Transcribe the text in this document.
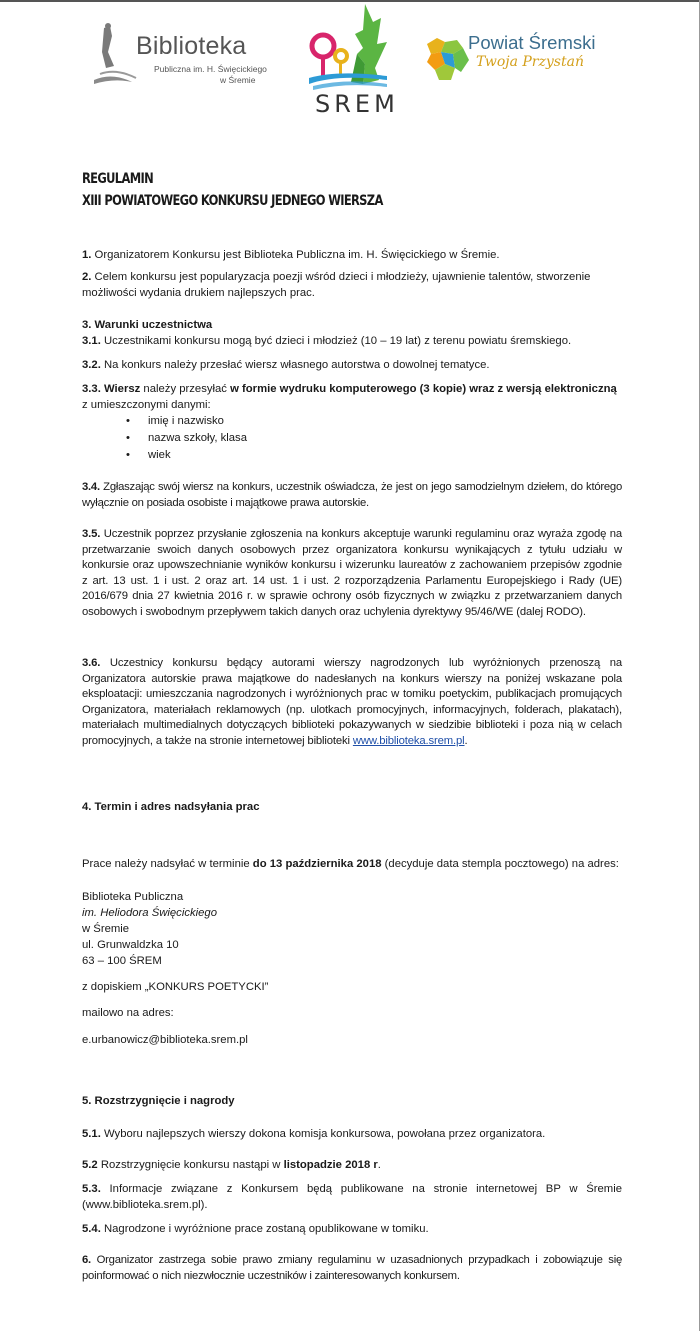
Biblioteka
Publiczna im. H. Święcickiego
w Śremie
SREM
Powiat Śremski
Twoja Przystań
REGULAMIN
XIII POWIATOWEGO KONKURSU JEDNEGO WIERSZA

1. Organizatorem Konkursu jest Biblioteka Publiczna im. H. Święcickiego w Śremie.

2. Celem konkursu jest popularyzacja poezji wśród dzieci i młodzieży, ujawnienie talentów, stworzenie możliwości wydania drukiem najlepszych prac.

3. Warunki uczestnictwa

3.1. Uczestnikami konkursu mogą być dzieci i młodzież (10 – 19 lat) z terenu powiatu śremskiego.

3.2. Na konkurs należy przesłać wiersz własnego autorstwa o dowolnej tematyce.

3.3. Wiersz należy przesyłać w formie wydruku komputerowego (3 kopie) wraz z wersją elektroniczną
z umieszczonymi danymi:

• imię i nazwisko
• nazwa szkoły, klasa
• wiek

3.4. Zgłaszając swój wiersz na konkurs, uczestnik oświadcza, że jest on jego samodzielnym dziełem, do którego wyłącznie on posiada osobiste i majątkowe prawa autorskie.

3.5. Uczestnik poprzez przysłanie zgłoszenia na konkurs akceptuje warunki regulaminu oraz wyraża zgodę na przetwarzanie swoich danych osobowych przez organizatora konkursu wynikających z tytułu udziału w konkursie oraz upowszechnianie wyników konkursu i wizerunku laureatów z zachowaniem przepisów zgodnie z art. 13 ust. 1 i ust. 2 oraz art. 14 ust. 1 i ust. 2 rozporządzenia Parlamentu Europejskiego i Rady (UE) 2016/679 dnia 27 kwietnia 2016 r. w sprawie ochrony osób fizycznych w związku z przetwarzaniem danych osobowych i swobodnym przepływem takich danych oraz uchylenia dyrektywy 95/46/WE (dalej RODO).

3.6. Uczestnicy konkursu będący autorami wierszy nagrodzonych lub wyróżnionych przenoszą na Organizatora autorskie prawa majątkowe do nadesłanych na konkurs wierszy na poniżej wskazane pola eksploatacji: umieszczania nagrodzonych i wyróżnionych prac w tomiku poetyckim, publikacjach promujących Organizatora, materiałach reklamowych (np. ulotkach promocyjnych, informacyjnych, folderach, plakatach), materiałach multimedialnych dotyczących biblioteki pokazywanych w siedzibie biblioteki i poza nią w celach promocyjnych, a także na stronie internetowej biblioteki www.biblioteka.srem.pl.

4. Termin i adres nadsyłania prac

Prace należy nadsyłać w terminie do 13 października 2018 (decyduje data stempla pocztowego) na adres:

Biblioteka Publiczna
im. Heliodora Święcickiego
w Śremie
ul. Grunwaldzka 10
63 – 100 ŚREM

z dopiskiem „KONKURS POETYCKI”

mailowo na adres:

e.urbanowicz@biblioteka.srem.pl

5. Rozstrzygnięcie i nagrody

5.1. Wyboru najlepszych wierszy dokona komisja konkursowa, powołana przez organizatora.

5.2 Rozstrzygnięcie konkursu nastąpi w listopadzie 2018 r.

5.3. Informacje związane z Konkursem będą publikowane na stronie internetowej BP w Śremie (www.biblioteka.srem.pl).

5.4. Nagrodzone i wyróżnione prace zostaną opublikowane w tomiku.

6. Organizator zastrzega sobie prawo zmiany regulaminu w uzasadnionych przypadkach i zobowiązuje się poinformować o nich niezwłocznie uczestników i zainteresowanych konkursem.
